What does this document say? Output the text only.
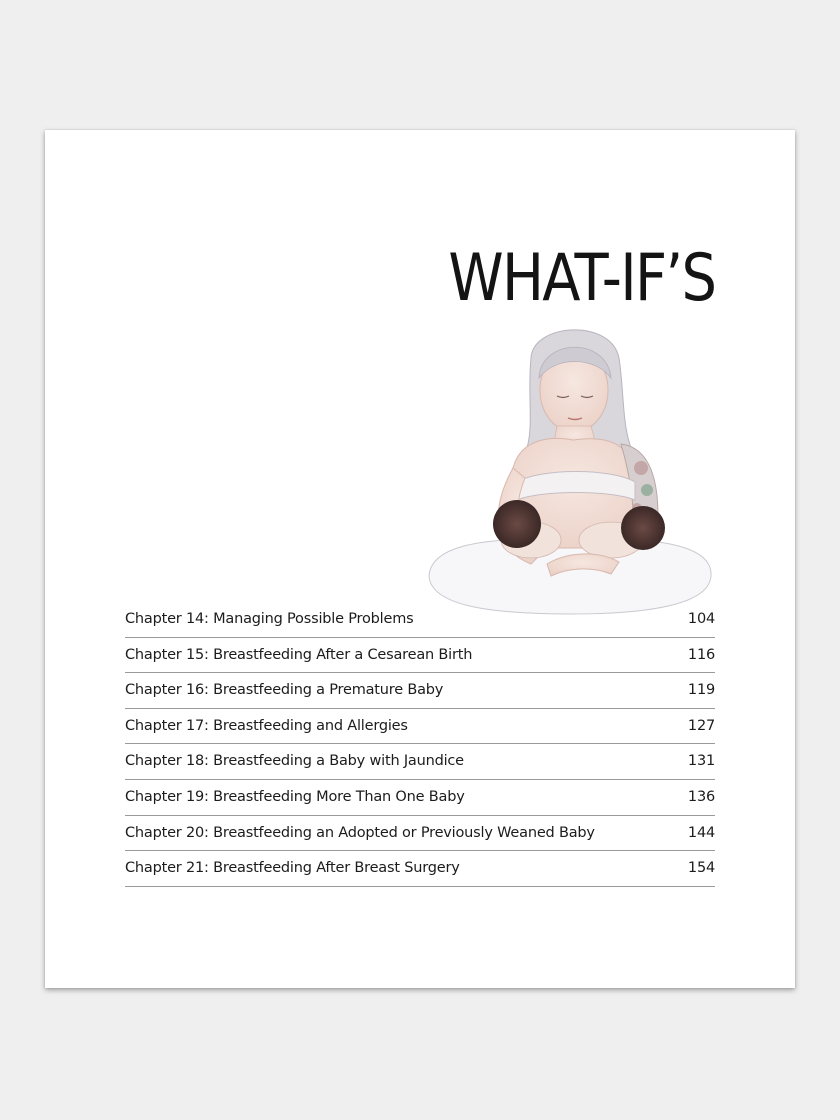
WHAT-IF’S
Chapter 14: Managing Possible Problems	104
Chapter 15: Breastfeeding After a Cesarean Birth	116
Chapter 16: Breastfeeding a Premature Baby	119
Chapter 17: Breastfeeding and Allergies	127
Chapter 18: Breastfeeding a Baby with Jaundice	131
Chapter 19: Breastfeeding More Than One Baby	136
Chapter 20: Breastfeeding an Adopted or Previously Weaned Baby	144
Chapter 21: Breastfeeding After Breast Surgery	154
